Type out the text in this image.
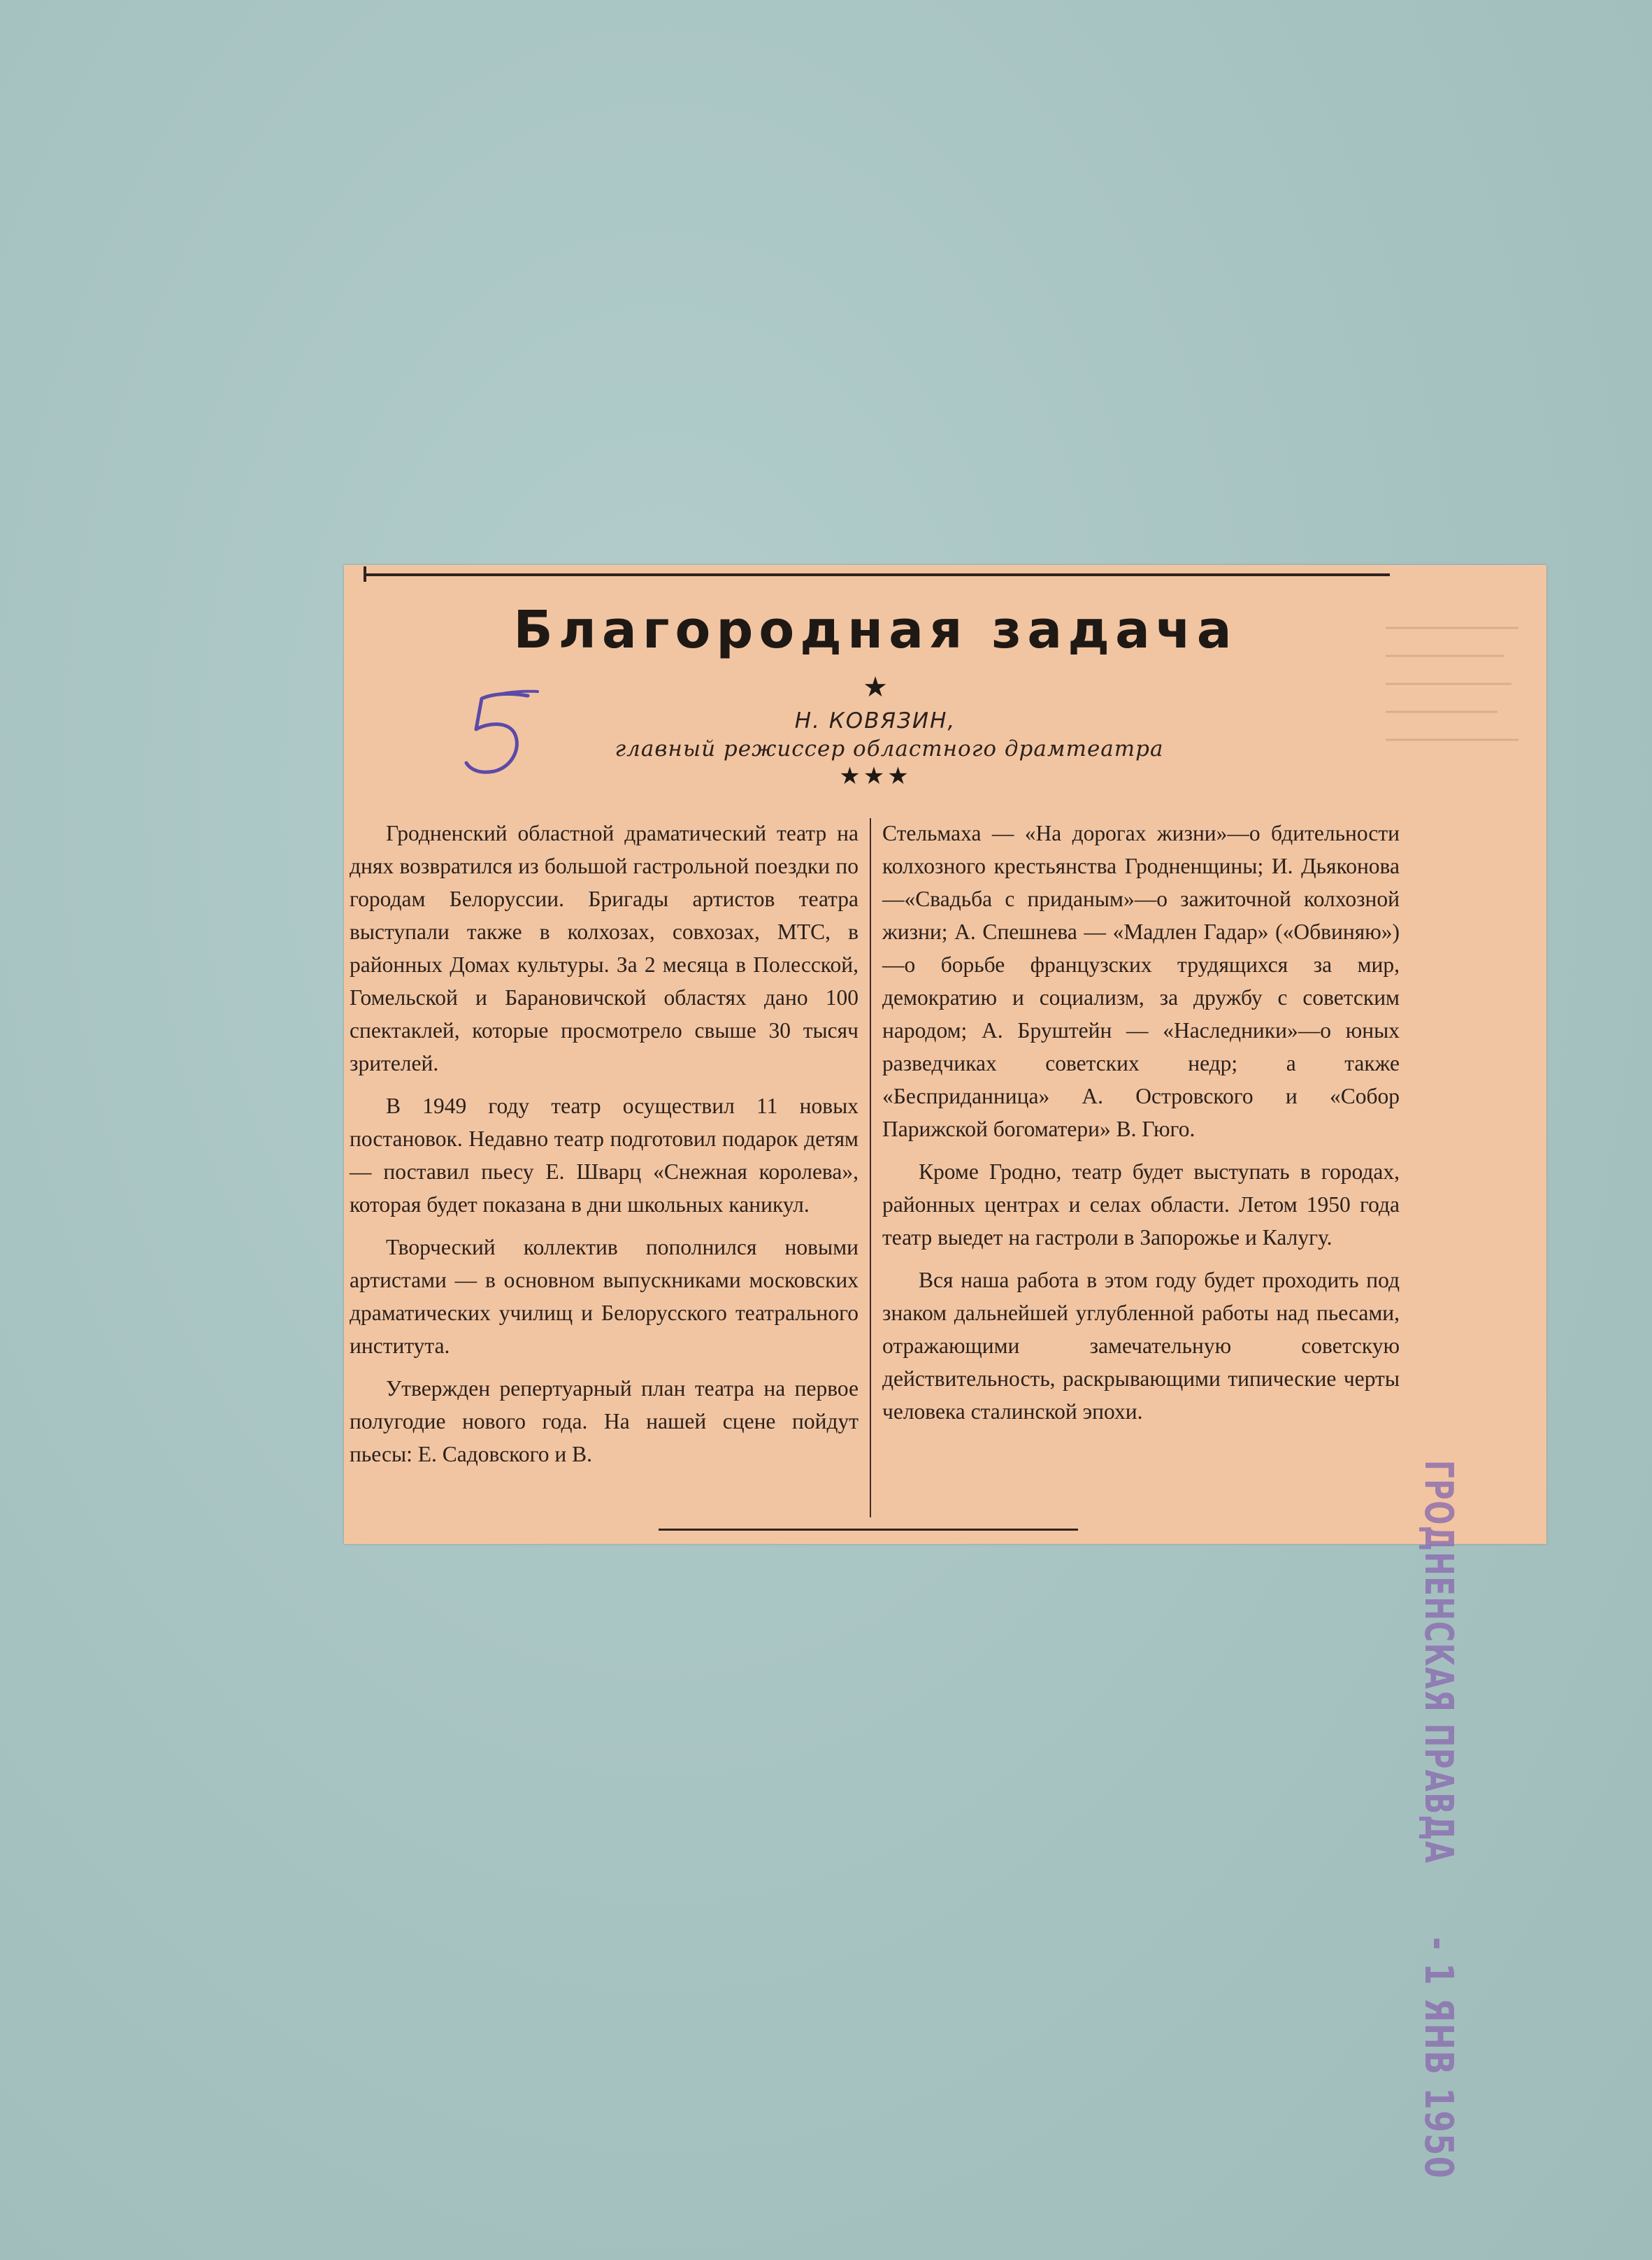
Благородная задача
★
Н. КОВЯЗИН,
главный режиссер областного драмтеатра
★★★

Гродненский областной драматический театр на днях возвратился из большой гастрольной поездки по городам Белоруссии. Бригады артистов театра выступали также в колхозах, совхозах, МТС, в районных Домах культуры. За 2 месяца в Полесской, Гомельской и Барановичской областях дано 100 спектаклей, которые просмотрело свыше 30 тысяч зрителей.

В 1949 году театр осуществил 11 новых постановок. Недавно театр подготовил подарок детям — поставил пьесу Е. Шварц «Снежная королева», которая будет показана в дни школьных каникул.

Творческий коллектив пополнился новыми артистами — в основном выпускниками московских драматических училищ и Белорусского театрального института.

Утвержден репертуарный план театра на первое полугодие нового года. На нашей сцене пойдут пьесы: Е. Садовского и В.

Стельмаха — «На дорогах жизни»—о бдительности колхозного крестьянства Гродненщины; И. Дьяконова—«Свадьба с приданым»—о зажиточной колхозной жизни; А. Спешнева — «Мадлен Гадар» («Обвиняю»)—о борьбе французских трудящихся за мир, демократию и социализм, за дружбу с советским народом; А. Бруштейн — «Наследники»—о юных разведчиках советских недр; а также «Бесприданница» А. Островского и «Собор Парижской богоматери» В. Гюго.

Кроме Гродно, театр будет выступать в городах, районных центрах и селах области. Летом 1950 года театр выедет на гастроли в Запорожье и Калугу.

Вся наша работа в этом году будет проходить под знаком дальнейшей углубленной работы над пьесами, отражающими замечательную советскую действительность, раскрывающими типические черты человека сталинской эпохи.

ГРОДНЕНСКАЯ ПРАВДА- 1 ЯНВ 1950
